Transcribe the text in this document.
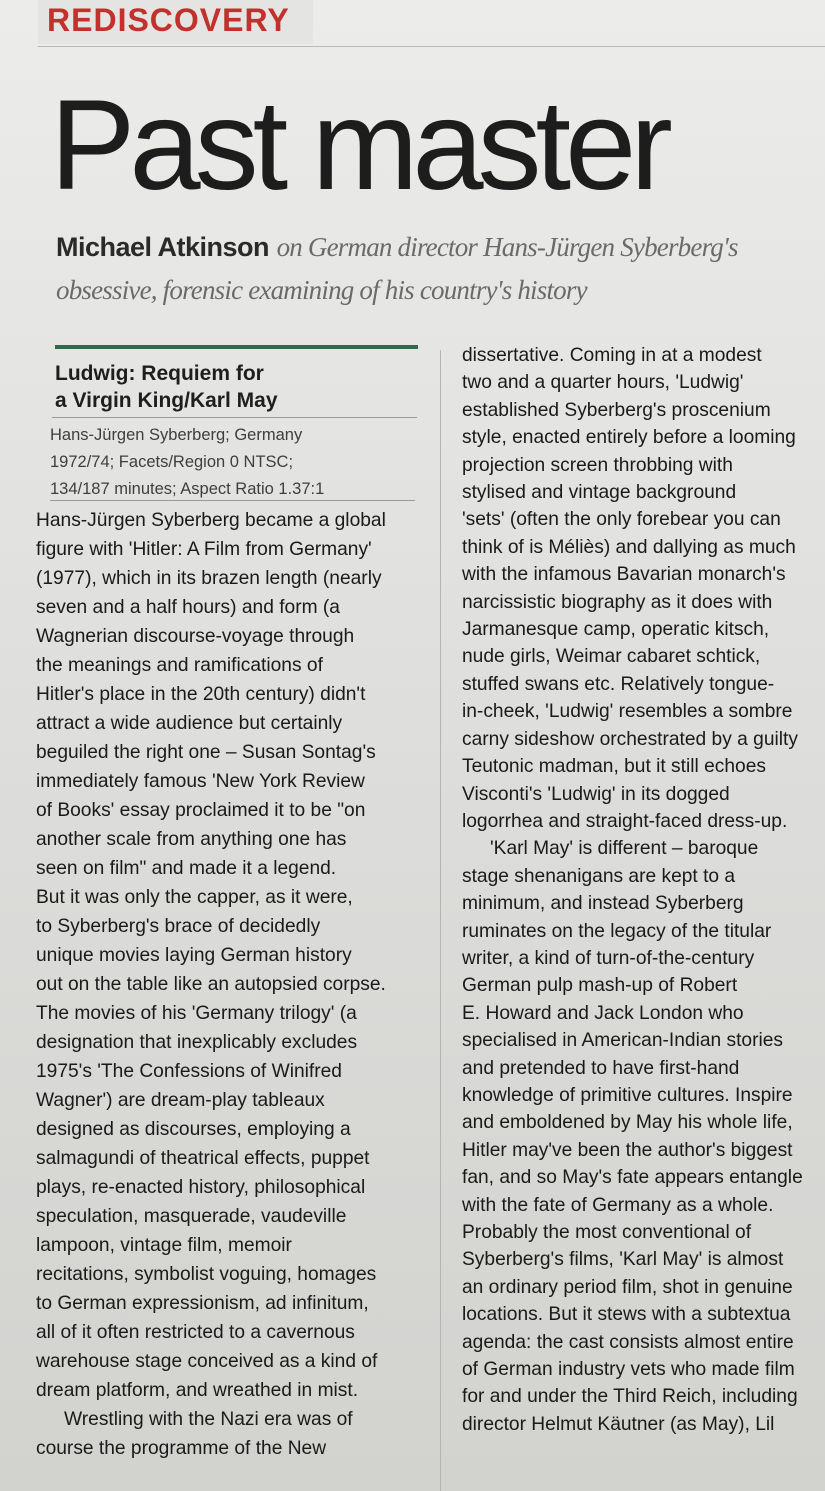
REDISCOVERY
Past master
Michael Atkinson on German director Hans-Jürgen Syberberg's
obsessive, forensic examining of his country's history
Ludwig: Requiem for
a Virgin King/Karl May
Hans-Jürgen Syberberg; Germany
1972/74; Facets/Region 0 NTSC;
134/187 minutes; Aspect Ratio 1.37:1
Hans-Jürgen Syberberg became a global
figure with 'Hitler: A Film from Germany'
(1977), which in its brazen length (nearly
seven and a half hours) and form (a
Wagnerian discourse-voyage through
the meanings and ramifications of
Hitler's place in the 20th century) didn't
attract a wide audience but certainly
beguiled the right one – Susan Sontag's
immediately famous 'New York Review
of Books' essay proclaimed it to be "on
another scale from anything one has
seen on film" and made it a legend.
But it was only the capper, as it were,
to Syberberg's brace of decidedly
unique movies laying German history
out on the table like an autopsied corpse.
The movies of his 'Germany trilogy' (a
designation that inexplicably excludes
1975's 'The Confessions of Winifred
Wagner') are dream-play tableaux
designed as discourses, employing a
salmagundi of theatrical effects, puppet
plays, re-enacted history, philosophical
speculation, masquerade, vaudeville
lampoon, vintage film, memoir
recitations, symbolist voguing, homages
to German expressionism, ad infinitum,
all of it often restricted to a cavernous
warehouse stage conceived as a kind of
dream platform, and wreathed in mist.
Wrestling with the Nazi era was of
course the programme of the New
dissertative. Coming in at a modest
two and a quarter hours, 'Ludwig'
established Syberberg's proscenium
style, enacted entirely before a looming
projection screen throbbing with
stylised and vintage background
'sets' (often the only forebear you can
think of is Méliès) and dallying as much
with the infamous Bavarian monarch's
narcissistic biography as it does with
Jarmanesque camp, operatic kitsch,
nude girls, Weimar cabaret schtick,
stuffed swans etc. Relatively tongue-
in-cheek, 'Ludwig' resembles a sombre
carny sideshow orchestrated by a guilty
Teutonic madman, but it still echoes
Visconti's 'Ludwig' in its dogged
logorrhea and straight-faced dress-up.
'Karl May' is different – baroque
stage shenanigans are kept to a
minimum, and instead Syberberg
ruminates on the legacy of the titular
writer, a kind of turn-of-the-century
German pulp mash-up of Robert
E. Howard and Jack London who
specialised in American-Indian stories
and pretended to have first-hand
knowledge of primitive cultures. Inspire
and emboldened by May his whole life,
Hitler may've been the author's biggest
fan, and so May's fate appears entangle
with the fate of Germany as a whole.
Probably the most conventional of
Syberberg's films, 'Karl May' is almost
an ordinary period film, shot in genuine
locations. But it stews with a subtextua
agenda: the cast consists almost entire
of German industry vets who made film
for and under the Third Reich, including
director Helmut Käutner (as May), Lil
